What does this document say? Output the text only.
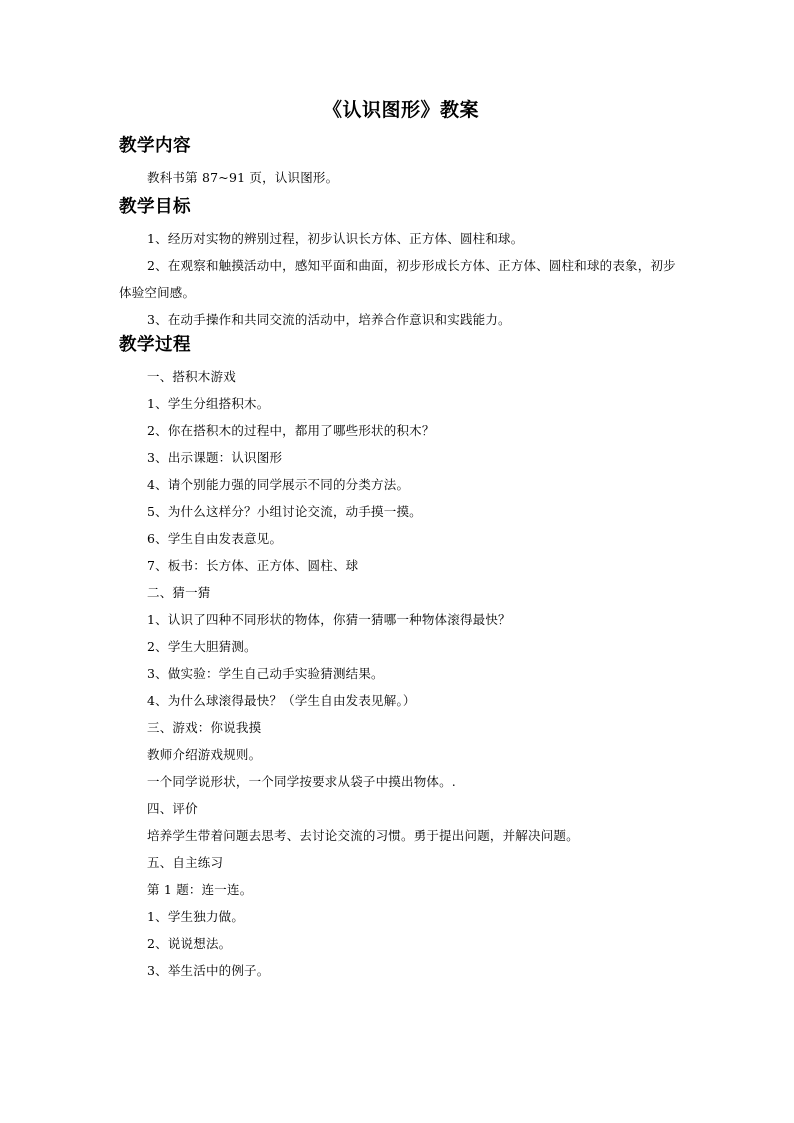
《认识图形》教案
教学内容

教科书第 87~91 页，认识图形。

教学目标

1、经历对实物的辨别过程，初步认识长方体、正方体、圆柱和球。

2、在观察和触摸活动中，感知平面和曲面，初步形成长方体、正方体、圆柱和球的表象，初步体验空间感。

3、在动手操作和共同交流的活动中，培养合作意识和实践能力。

教学过程

一、搭积木游戏

1、学生分组搭积木。

2、你在搭积木的过程中，都用了哪些形状的积木？

3、出示课题：认识图形

4、请个别能力强的同学展示不同的分类方法。

5、为什么这样分？小组讨论交流，动手摸一摸。

6、学生自由发表意见。

7、板书：长方体、正方体、圆柱、球

二、猜一猜

1、认识了四种不同形状的物体，你猜一猜哪一种物体滚得最快？

2、学生大胆猜测。

3、做实验：学生自己动手实验猜测结果。

4、为什么球滚得最快？（学生自由发表见解。）

三、游戏：你说我摸

教师介绍游戏规则。

一个同学说形状，一个同学按要求从袋子中摸出物体。.

四、评价

培养学生带着问题去思考、去讨论交流的习惯。勇于提出问题，并解决问题。

五、自主练习

第 1 题：连一连。

1、学生独力做。

2、说说想法。

3、举生活中的例子。
